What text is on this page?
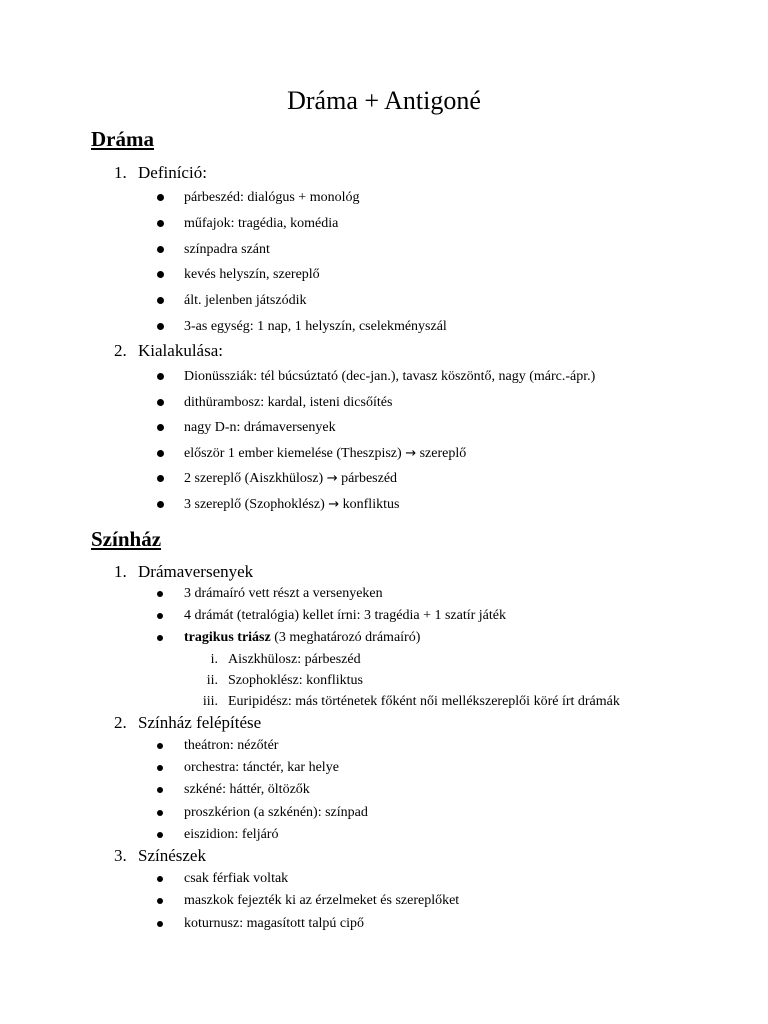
Dráma + Antigoné
Dráma
1. Definíció:
párbeszéd: dialógus + monológ
műfajok: tragédia, komédia
színpadra szánt
kevés helyszín, szereplő
ált. jelenben játszódik
3-as egység: 1 nap, 1 helyszín, cselekményszál
2. Kialakulása:
Dionüssziák: tél búcsúztató (dec-jan.), tavasz köszöntő, nagy (márc.-ápr.)
dithürambosz: kardal, isteni dicsőítés
nagy D-n: drámaversenyek
először 1 ember kiemelése (Theszpisz) → szereplő
2 szereplő (Aiszkhülosz) → párbeszéd
3 szereplő (Szophoklész) → konfliktus
Színház
1. Drámaversenyek
3 drámaíró vett részt a versenyeken
4 drámát (tetralógia) kellet írni: 3 tragédia + 1 szatír játék
tragikus triász (3 meghatározó drámaíró)
i. Aiszkhülosz: párbeszéd
ii. Szophoklész: konfliktus
iii. Euripidész: más történetek főként női mellékszereplői köré írt drámák
2. Színház felépítése
theátron: nézőtér
orchestra: tánctér, kar helye
szkéné: háttér, öltözők
proszkérion (a szkénén): színpad
eiszidion: feljáró
3. Színészek
csak férfiak voltak
maszkok fejezték ki az érzelmeket és szereplőket
koturnusz: magasított talpú cipő
